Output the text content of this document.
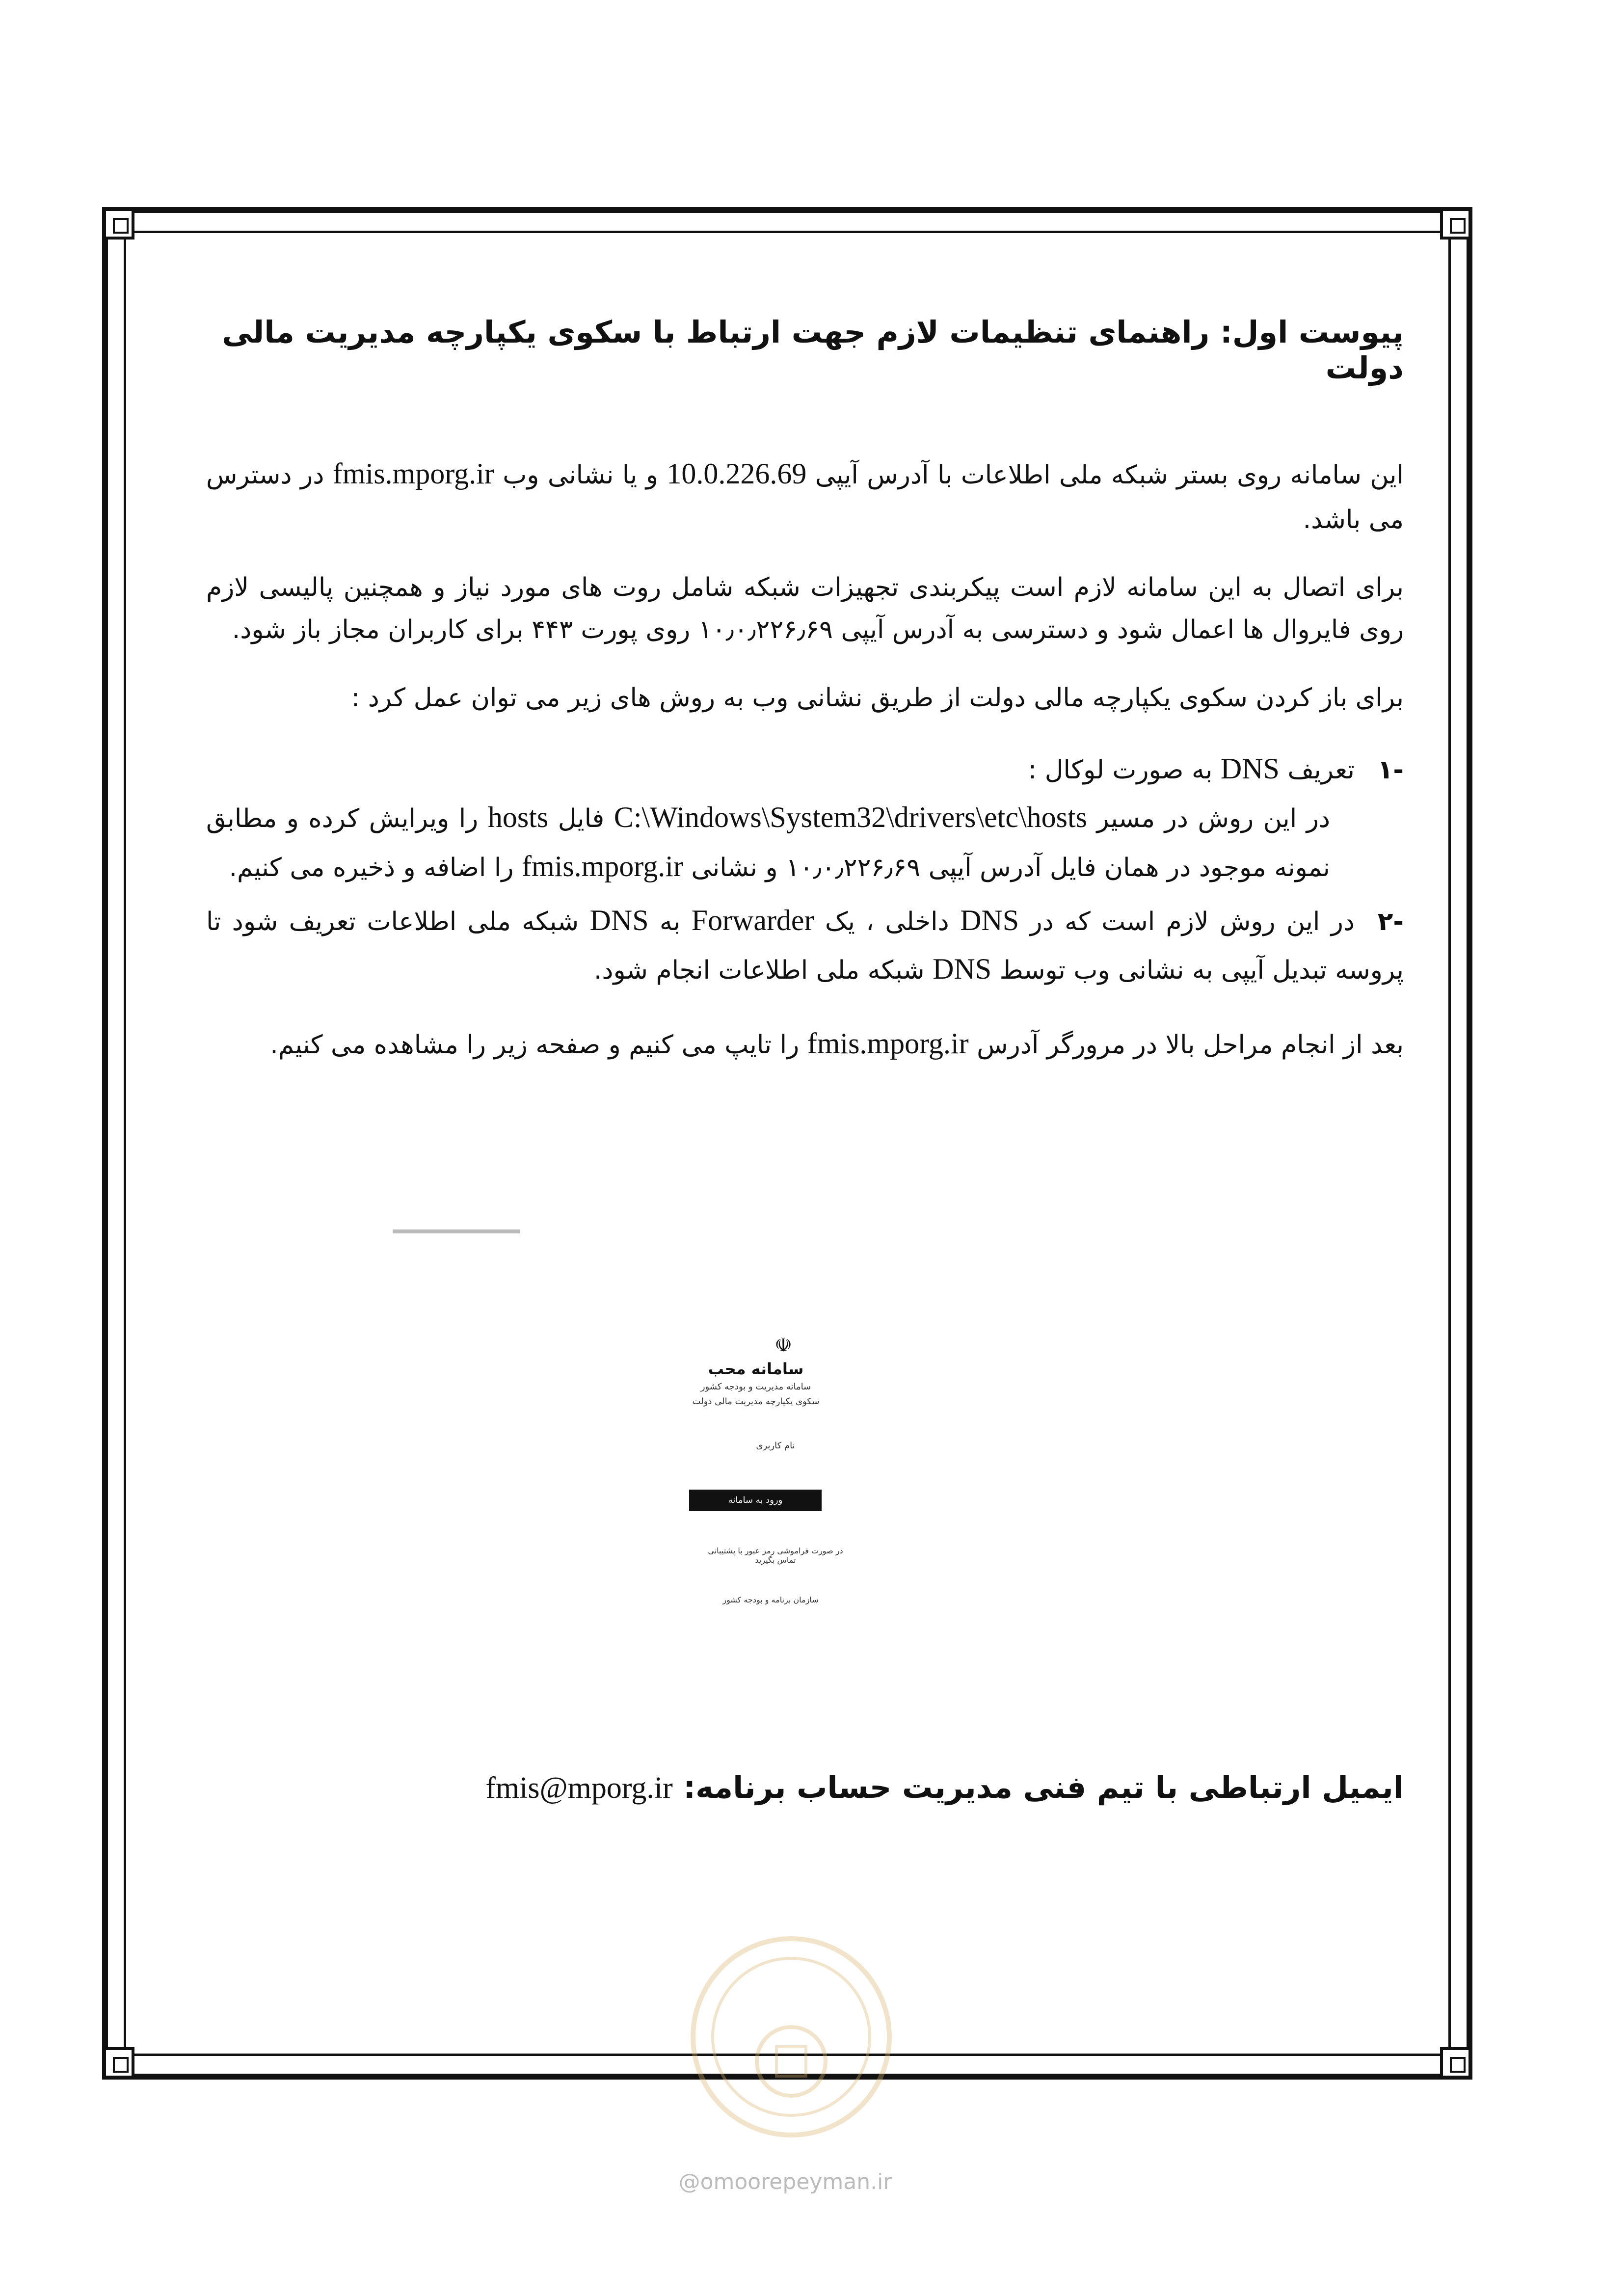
پیوست اول: راهنمای تنظیمات لازم جهت ارتباط با سکوی یکپارچه مدیریت مالی دولت

این سامانه روی بستر شبکه ملی اطلاعات با آدرس آیپی 10.0.226.69 و یا نشانی وب fmis.mporg.ir در دسترس می باشد.

برای اتصال به این سامانه لازم است پیکربندی تجهیزات شبکه شامل روت های مورد نیاز و همچنین پالیسی لازم روی فایروال ها اعمال شود و دسترسی به آدرس آیپی ۱۰٫۰٫۲۲۶٫۶۹ روی پورت ۴۴۳ برای کاربران مجاز باز شود.

برای باز کردن سکوی یکپارچه مالی دولت از طریق نشانی وب به روش های زیر می توان عمل کرد :

-۱تعریف DNS به صورت لوکال :
در این روش در مسیر C:\Windows\System32\drivers\etc\hosts فایل hosts را ویرایش کرده و مطابق نمونه موجود در همان فایل آدرس آیپی ۱۰٫۰٫۲۲۶٫۶۹ و نشانی fmis.mporg.ir را اضافه و ذخیره می کنیم.
-۲در این روش لازم است که در DNS داخلی ، یک Forwarder به DNS شبکه ملی اطلاعات تعریف شود تا پروسه تبدیل آیپی به نشانی وب توسط DNS شبکه ملی اطلاعات انجام شود.

بعد از انجام مراحل بالا در مرورگر آدرس fmis.mporg.ir را تایپ می کنیم و صفحه زیر را مشاهده می کنیم.

☫
سامانه محب
سامانه مدیریت و بودجه کشور
سکوی یکپارچه مدیریت مالی دولت
نام کاربری
ورود به سامانه
در صورت فراموشی رمز عبور با پشتیبانی تماس بگیرید
سازمان برنامه و بودجه کشور
ایمیل ارتباطی با تیم فنی مدیریت حساب برنامه: fmis@mporg.ir
@omoorepeyman.ir
